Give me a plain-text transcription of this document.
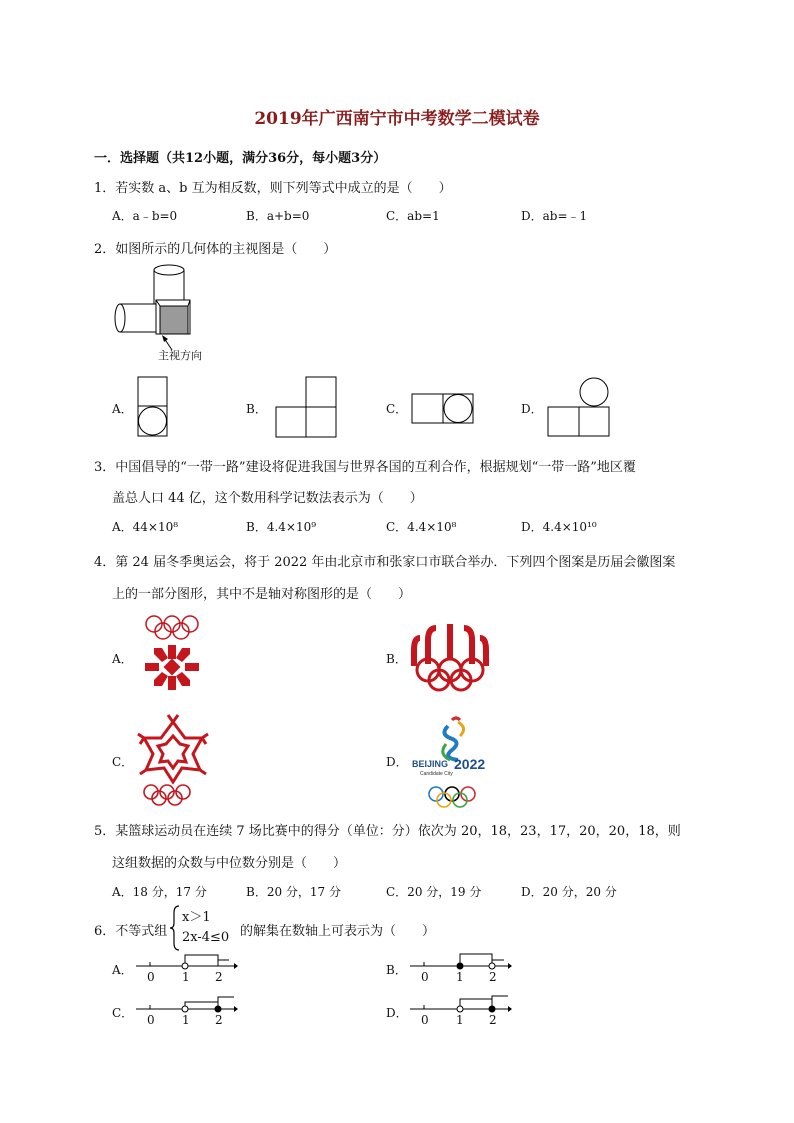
2019年广西南宁市中考数学二模试卷
一．选择题（共12小题，满分36分，每小题3分）
1．若实数 a、b 互为相反数，则下列等式中成立的是（　　）
A．a﹣b=0	B．a+b=0	C．ab=1	D．ab=﹣1
2．如图所示的几何体的主视图是（　　）
主视方向
A．	B．	C．	D．
3．中国倡导的“一带一路”建设将促进我国与世界各国的互利合作，根据规划“一带一路”地区覆
盖总人口 44 亿，这个数用科学记数法表示为（　　）
A．44×10⁸	B．4.4×10⁹	C．4.4×10⁸	D．4.4×10¹⁰
4．第 24 届冬季奥运会，将于 2022 年由北京市和张家口市联合举办．下列四个图案是历届会徽图案
上的一部分图形，其中不是轴对称图形的是（　　）
A．	B．
C．	D． BEIJING 2022
Candidate City
5．某篮球运动员在连续 7 场比赛中的得分（单位：分）依次为 20，18，23，17，20，20，18，则
这组数据的众数与中位数分别是（　　）
A．18 分，17 分	B．20 分，17 分	C．20 分，19 分	D．20 分，20 分
6．不等式组
x＞1
2x-4≤0 的解集在数轴上可表示为（　　）
A． 0 1 2	B． 0 1 2
C． 0 1 2	D． 0 1 2
